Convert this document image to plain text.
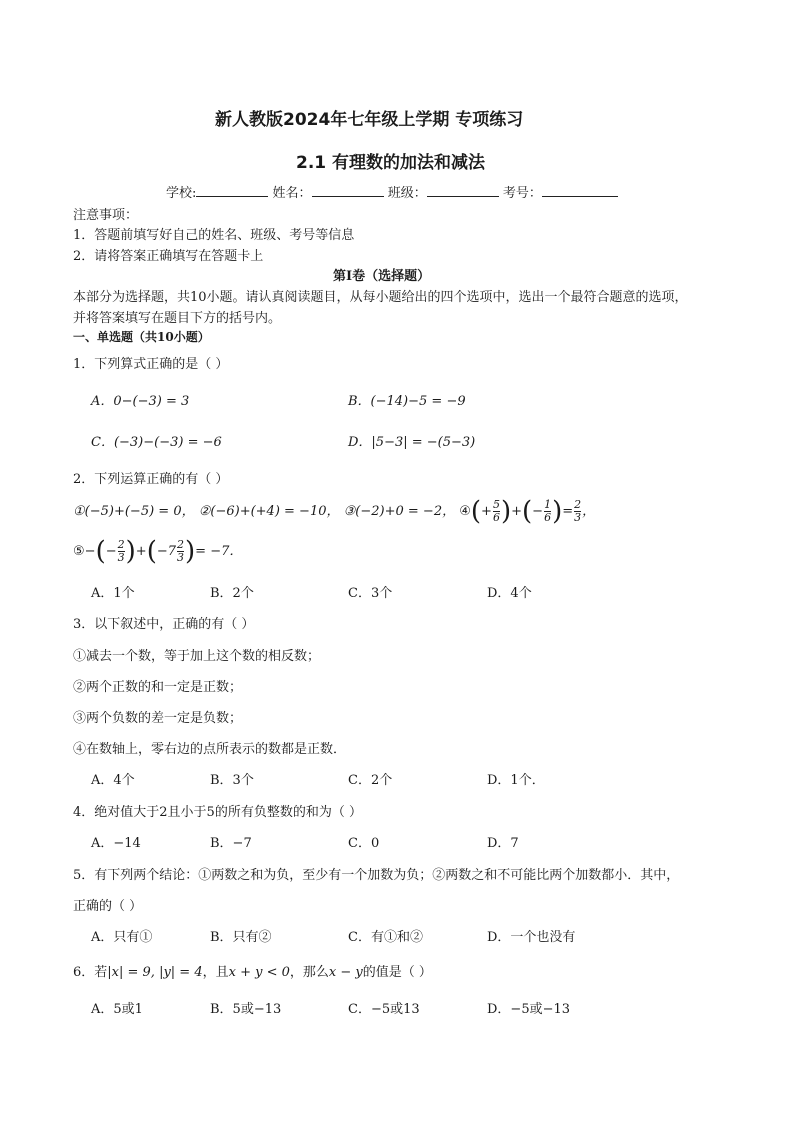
新人教版2024年七年级上学期 专项练习
2.1 有理数的加法和减法
学校:	姓名：	班级：	考号：
注意事项：
1．答题前填写好自己的姓名、班级、考号等信息
2．请将答案正确填写在答题卡上
第I卷（选择题）
本部分为选择题，共10小题。请认真阅读题目，从每小题给出的四个选项中，选出一个最符合题意的选项，
并将答案填写在题目下方的括号内。
一、单选题（共10小题）
1．下列算式正确的是（ ）
A．0−(−3) = 3	B．(−14)−5 = −9
C．(−3)−(−3) = −6	D．|5−3| = −(5−3)
2．下列运算正确的有（ ）
①(−5)+(−5) = 0， ②(−6)+(+4) = −10， ③(−2)+0 = −2， ④(+ $\frac{5}{6}$ )+(− $\frac{1}{6}$ )= $\frac{2}{3}$ ，
⑤−(− $\frac{2}{3} )+(-7 \frac{2}{3}$ )= −7．
A．1个	B．2个	C．3个	D．4个
3．以下叙述中，正确的有（ ）
①减去一个数，等于加上这个数的相反数；
②两个正数的和一定是正数；
③两个负数的差一定是负数；
④在数轴上，零右边的点所表示的数都是正数．
A．4个	B．3个	C．2个	D．1个．
4．绝对值大于2且小于5的所有负整数的和为（ ）
A．−14	B．−7	C．0	D．7
5．有下列两个结论：①两数之和为负，至少有一个加数为负；②两数之和不可能比两个加数都小．其中，
正确的（ ）
A．只有①	B．只有②	C．有①和②	D．一个也没有
6．若|x| = 9, |y| = 4，且x + y < 0，那么x − y的值是（ ）
A．5或1	B．5或−13	C．−5或13	D．−5或−13
